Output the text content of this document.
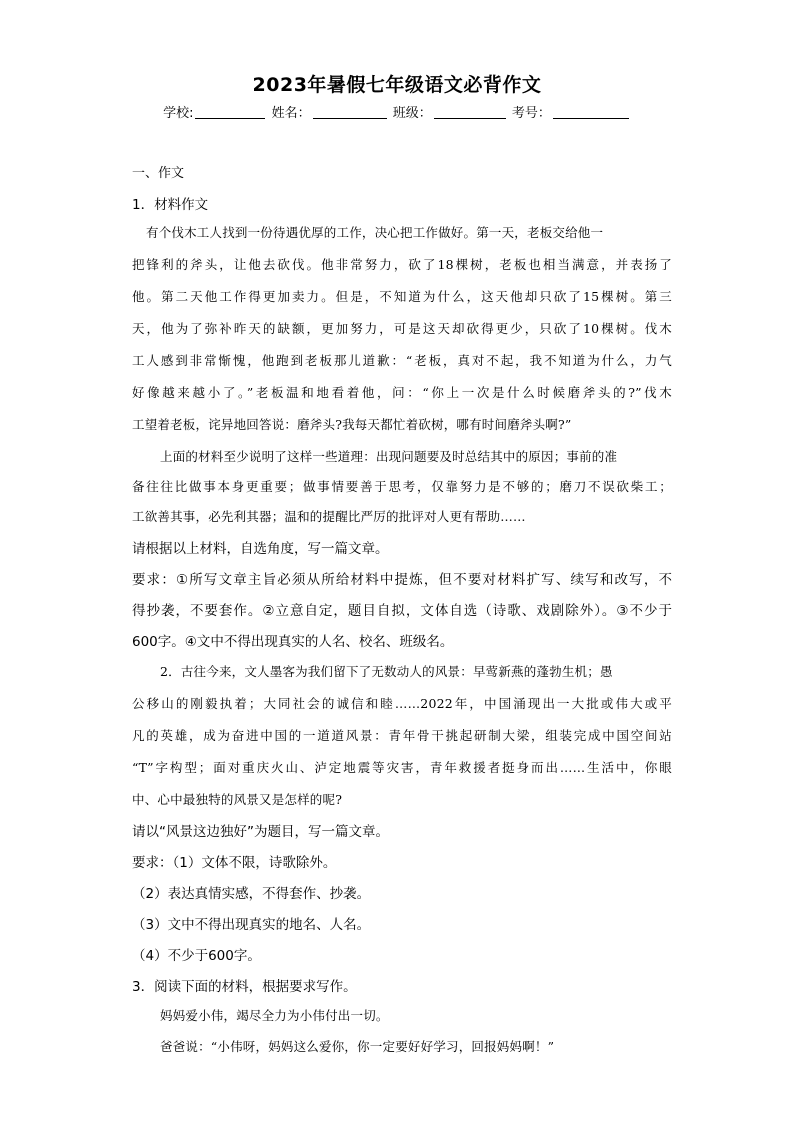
2023年暑假七年级语文必背作文
学校:	姓名：	班级：	考号：
一、作文
1．材料作文
有个伐木工人找到一份待遇优厚的工作，决心把工作做好。第一天，老板交给他一
把锋利的斧头，让他去砍伐。他非常努力，砍了18棵树，老板也相当满意，并表扬了
他。第二天他工作得更加卖力。但是，不知道为什么，这天他却只砍了15棵树。第三
天，他为了弥补昨天的缺额，更加努力，可是这天却砍得更少，只砍了10棵树。伐木
工人感到非常惭愧，他跑到老板那儿道歉：“老板，真对不起，我不知道为什么，力气
好像越来越小了。”老板温和地看着他，问：“你上一次是什么时候磨斧头的?”伐木
工望着老板，诧异地回答说：磨斧头?我每天都忙着砍树，哪有时间磨斧头啊?”
上面的材料至少说明了这样一些道理：出现问题要及时总结其中的原因；事前的准
备往往比做事本身更重要；做事情要善于思考，仅靠努力是不够的；磨刀不误砍柴工；
工欲善其事，必先利其器；温和的提醒比严厉的批评对人更有帮助……
请根据以上材料，自选角度，写一篇文章。
要求：①所写文章主旨必须从所给材料中提炼，但不要对材料扩写、续写和改写，不
得抄袭，不要套作。②立意自定，题目自拟，文体自选（诗歌、戏剧除外）。③不少于
600字。④文中不得出现真实的人名、校名、班级名。
2．古往今来，文人墨客为我们留下了无数动人的风景：早莺新燕的蓬勃生机；愚
公移山的刚毅执着；大同社会的诚信和睦……2022年，中国涌现出一大批或伟大或平
凡的英雄，成为奋进中国的一道道风景：青年骨干挑起研制大梁，组装完成中国空间站
“T”字构型；面对重庆火山、泸定地震等灾害，青年救援者挺身而出……生活中，你眼
中、心中最独特的风景又是怎样的呢?
请以“风景这边独好”为题目，写一篇文章。
要求：（1）文体不限，诗歌除外。
（2）表达真情实感，不得套作、抄袭。
（3）文中不得出现真实的地名、人名。
（4）不少于600字。
3．阅读下面的材料，根据要求写作。
妈妈爱小伟，竭尽全力为小伟付出一切。
爸爸说：“小伟呀，妈妈这么爱你，你一定要好好学习，回报妈妈啊！”
